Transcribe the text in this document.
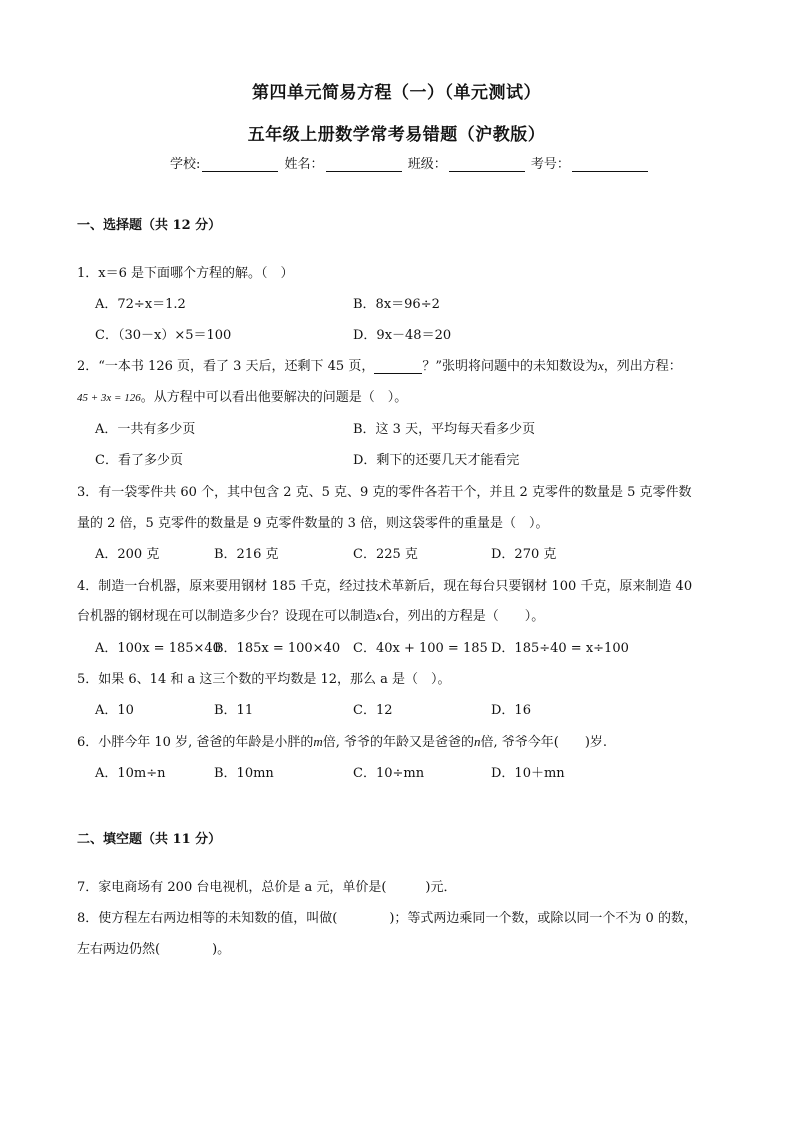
第四单元简易方程（一）（单元测试）
五年级上册数学常考易错题（沪教版）
学校:	姓名：	班级：	考号：
一、选择题（共 12 分）
1．x＝6 是下面哪个方程的解。（　）
A．72÷x＝1.2	B．8x＝96÷2
C．（30－x）×5＝100	D．9x－48＝20
2．“一本书 126 页，看了 3 天后，还剩下 45 页，	？”张明将问题中的未知数设为x，列出方程：
45 + 3x = 126。从方程中可以看出他要解决的问题是（　）。
A．一共有多少页	B．这 3 天，平均每天看多少页
C．看了多少页	D．剩下的还要几天才能看完
3．有一袋零件共 60 个，其中包含 2 克、5 克、9 克的零件各若干个，并且 2 克零件的数量是 5 克零件数
量的 2 倍，5 克零件的数量是 9 克零件数量的 3 倍，则这袋零件的重量是（　）。
A．200 克	B．216 克	C．225 克	D．270 克
4．制造一台机器，原来要用钢材 185 千克，经过技术革新后，现在每台只要钢材 100 千克，原来制造 40
台机器的钢材现在可以制造多少台？设现在可以制造x台，列出的方程是（　　）。
A．100x = 185×40
B．185x = 100×40 C．40x + 100 = 185 D．185÷40 = x÷100
5．如果 6、14 和 a 这三个数的平均数是 12，那么 a 是（　）。
A．10	B．11	C．12	D．16
6．小胖今年 10 岁, 爸爸的年龄是小胖的m倍, 爷爷的年龄又是爸爸的n倍, 爷爷今年(　　)岁.
A．10m÷n	B．10mn	C．10÷mn	D．10＋mn
二、填空题（共 11 分）
7．家电商场有 200 台电视机，总价是 a 元，单价是(　　　)元．
8．使方程左右两边相等的未知数的值，叫做(　　　　)；等式两边乘同一个数，或除以同一个不为 0 的数，
左右两边仍然(　　　　)。
